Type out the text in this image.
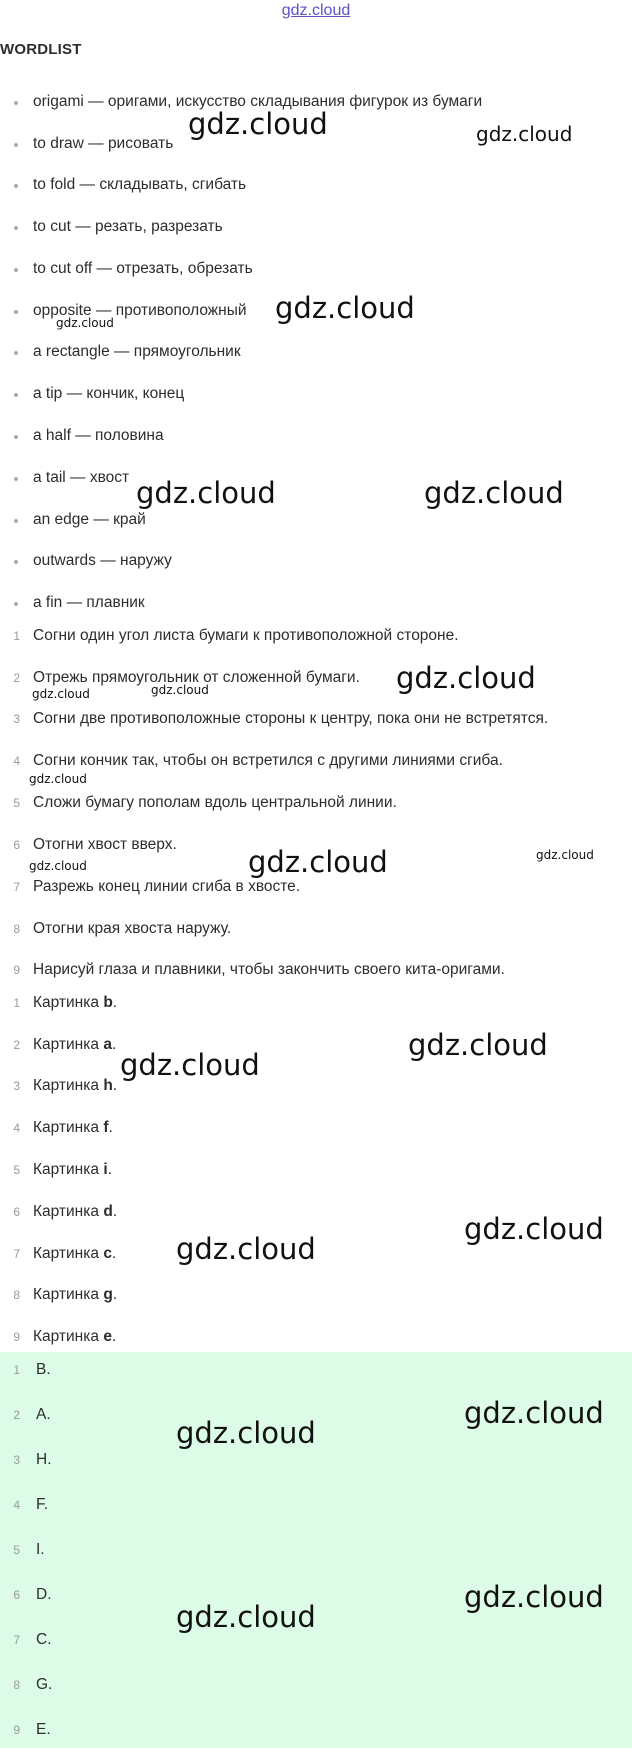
gdz.cloud
WORDLIST
origami — оригами, искусство складывания фигурок из бумаги
to draw — рисовать
to fold — складывать, сгибать
to cut — резать, разрезать
to cut off — отрезать, обрезать
opposite — противоположный
a rectangle — прямоугольник
a tip — кончик, конец
a half — половина
a tail — хвост
an edge — край
outwards — наружу
a fin — плавник
1 Согни один угол листа бумаги к противоположной стороне.
2 Отрежь прямоугольник от сложенной бумаги.
3 Согни две противоположные стороны к центру, пока они не встретятся.
4 Согни кончик так, чтобы он встретился с другими линиями сгиба.
5 Сложи бумагу пополам вдоль центральной линии.
6 Отогни хвост вверх.
7 Разрежь конец линии сгиба в хвосте.
8 Отогни края хвоста наружу.
9 Нарисуй глаза и плавники, чтобы закончить своего кита-оригами.
1 Картинка b.
2 Картинка a.
3 Картинка h.
4 Картинка f.
5 Картинка i.
6 Картинка d.
7 Картинка c.
8 Картинка g.
9 Картинка e.
1 B.
2 A.
3 H.
4 F.
5 I.
6 D.
7 C.
8 G.
9 E.
gdz.cloud	gdz.cloud
gdz.cloud
gdz.cloud
gdz.cloud	gdz.cloud
gdz.cloud
gdz.cloud
gdz.cloud
gdz.cloud
gdz.cloud	gdz.cloud
gdz.cloud
gdz.cloud
gdz.cloud
gdz.cloud
gdz.cloud
gdz.cloud
gdz.cloud
gdz.cloud
gdz.cloud
